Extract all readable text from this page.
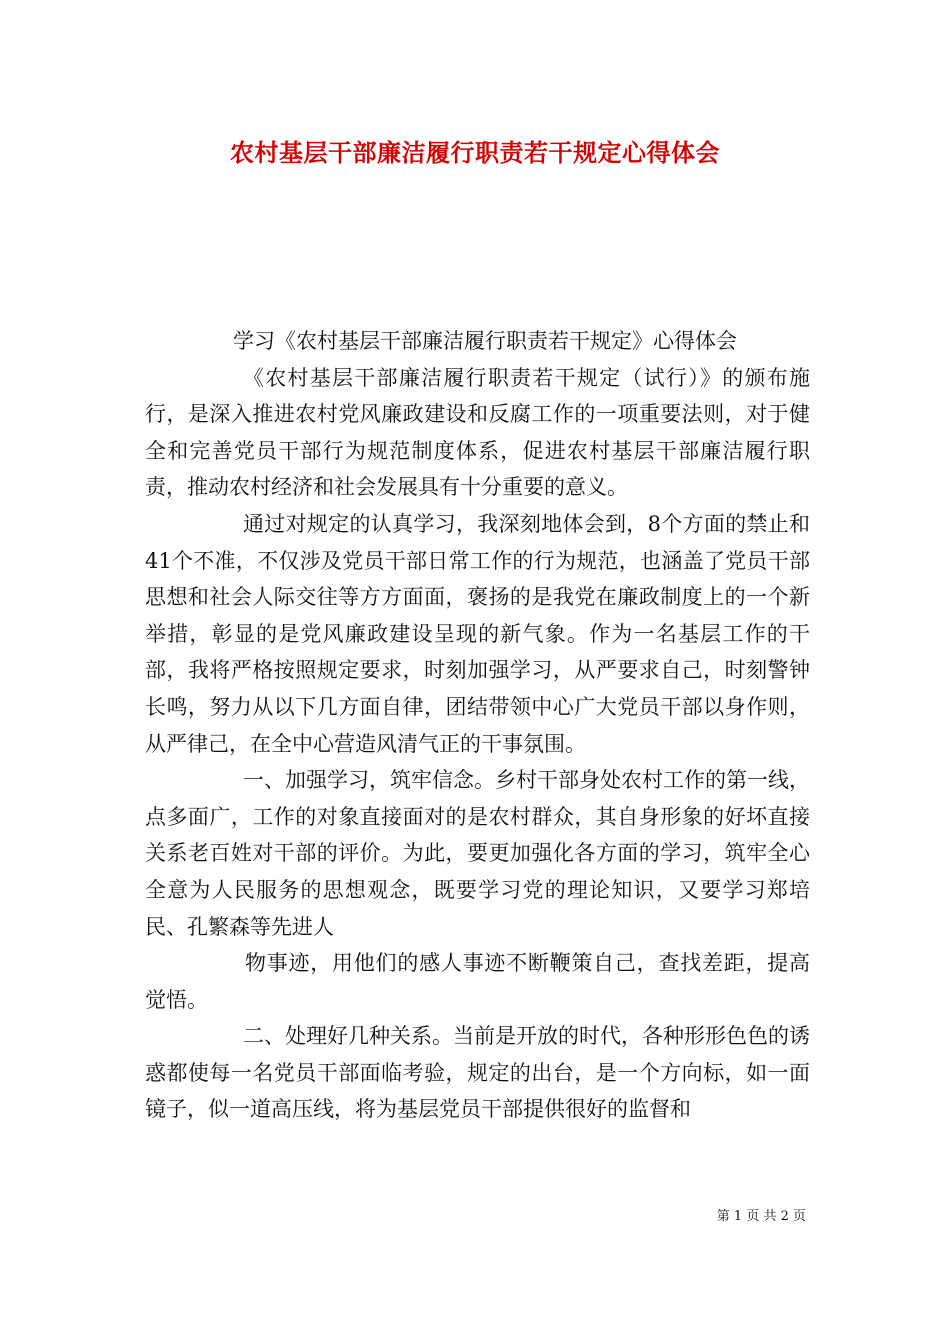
农村基层干部廉洁履行职责若干规定心得体会

学习《农村基层干部廉洁履行职责若干规定》心得体会

《农村基层干部廉洁履行职责若干规定（试行）》的颁布施行，是深入推进农村党风廉政建设和反腐工作的一项重要法则，对于健全和完善党员干部行为规范制度体系，促进农村基层干部廉洁履行职责，推动农村经济和社会发展具有十分重要的意义。

通过对规定的认真学习，我深刻地体会到，8个方面的禁止和41个不准，不仅涉及党员干部日常工作的行为规范，也涵盖了党员干部思想和社会人际交往等方方面面，褒扬的是我党在廉政制度上的一个新举措，彰显的是党风廉政建设呈现的新气象。作为一名基层工作的干部，我将严格按照规定要求，时刻加强学习，从严要求自己，时刻警钟长鸣，努力从以下几方面自律，团结带领中心广大党员干部以身作则，从严律己，在全中心营造风清气正的干事氛围。

一、加强学习，筑牢信念。乡村干部身处农村工作的第一线，点多面广，工作的对象直接面对的是农村群众，其自身形象的好坏直接关系老百姓对干部的评价。为此，要更加强化各方面的学习，筑牢全心全意为人民服务的思想观念，既要学习党的理论知识，又要学习郑培民、孔繁森等先进人

物事迹，用他们的感人事迹不断鞭策自己，查找差距，提高觉悟。

二、处理好几种关系。当前是开放的时代，各种形形色色的诱惑都使每一名党员干部面临考验，规定的出台，是一个方向标，如一面镜子，似一道高压线，将为基层党员干部提供很好的监督和

第 1 页 共 2 页
